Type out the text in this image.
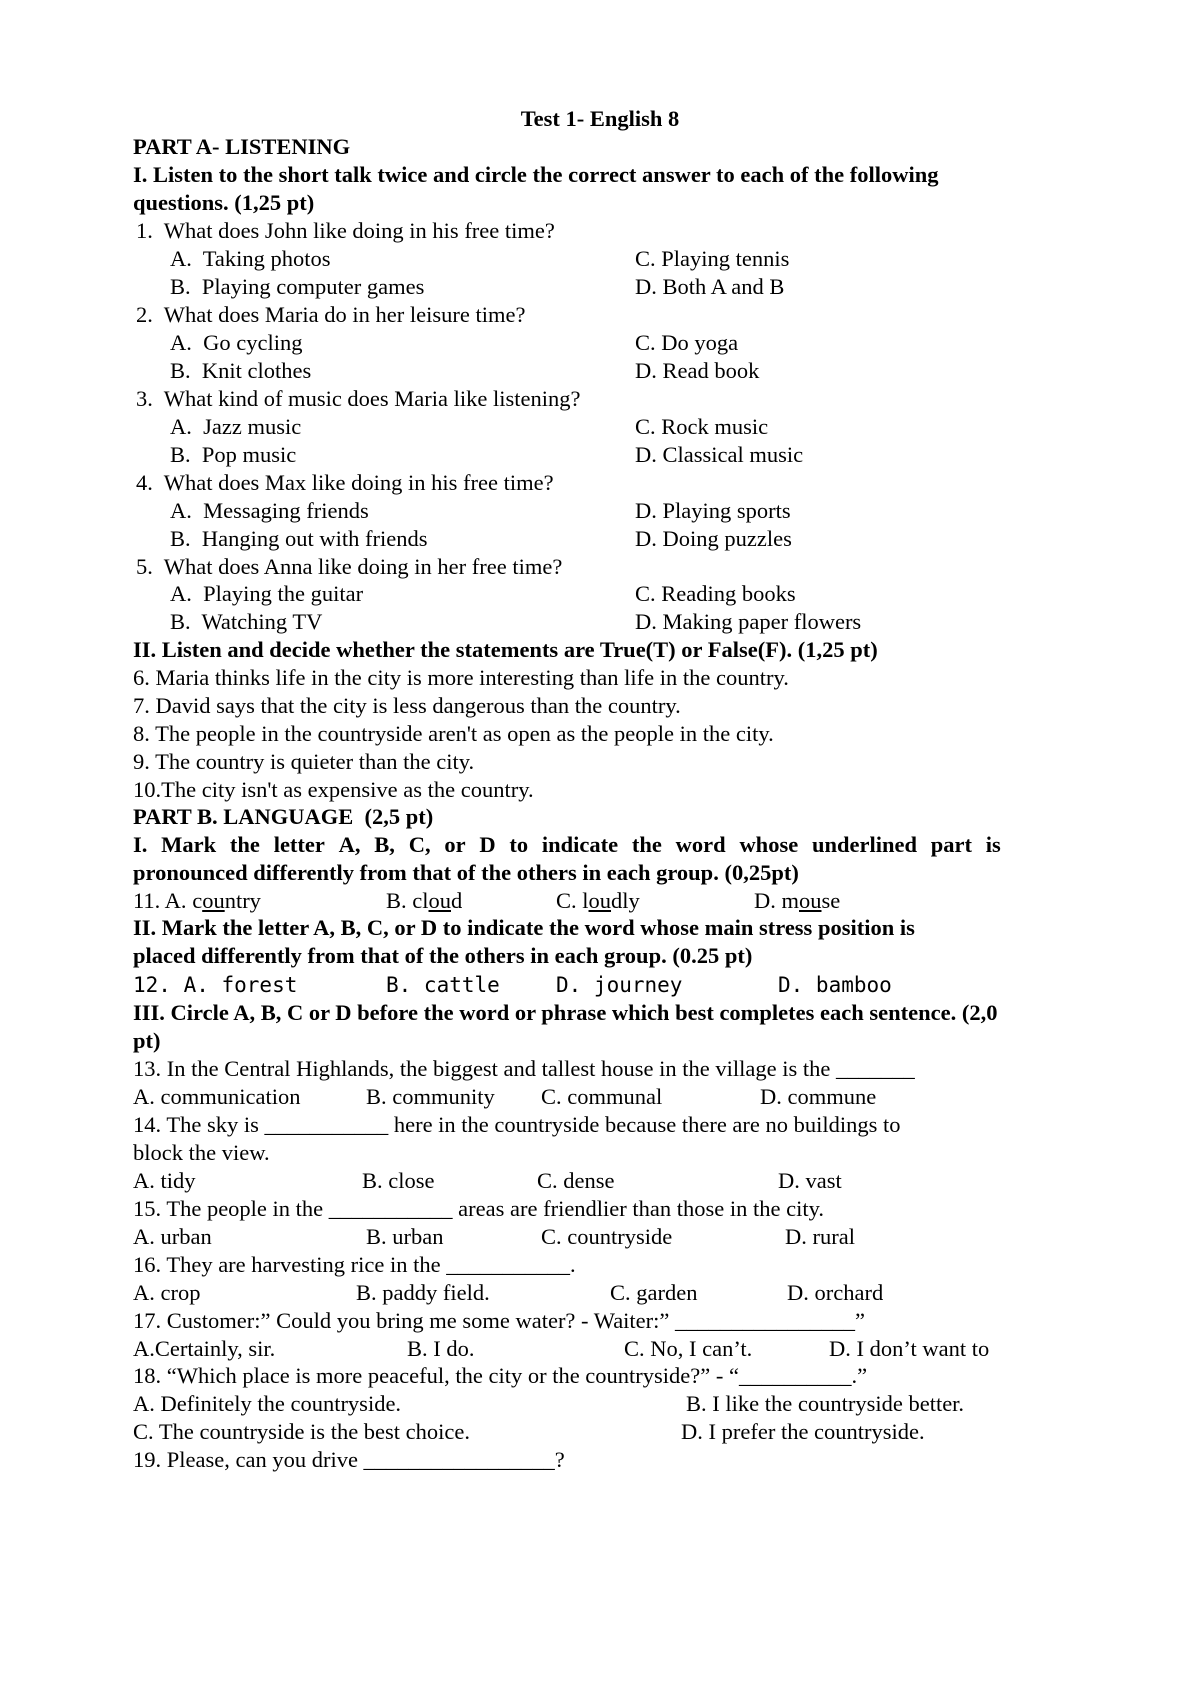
Test 1- English 8
PART A- LISTENING
I. Listen to the short talk twice and circle the correct answer to each of the following
questions. (1,25 pt)
1.  What does John like doing in his free time?
A.  Taking photos	C. Playing tennis
B.  Playing computer games	D. Both A and B
2.  What does Maria do in her leisure time?
A.  Go cycling	C. Do yoga
B.  Knit clothes	D. Read book
3.  What kind of music does Maria like listening?
A.  Jazz music	C. Rock music
B.  Pop music	D. Classical music
4.  What does Max like doing in his free time?
A.  Messaging friends	D. Playing sports
B.  Hanging out with friends	D. Doing puzzles
5.  What does Anna like doing in her free time?
A.  Playing the guitar	C. Reading books
B.  Watching TV	D. Making paper flowers
II. Listen and decide whether the statements are True(T) or False(F). (1,25 pt)
6. Maria thinks life in the city is more interesting than life in the country.
7. David says that the city is less dangerous than the country.
8. The people in the countryside aren't as open as the people in the city.
9. The country is quieter than the city.
10.The city isn't as expensive as the country.
PART B. LANGUAGE  (2,5 pt)

I. Mark the letter A, B, C, or D to indicate the word whose underlined part is

pronounced differently from that of the others in each group. (0,25pt)

11. A. country

	B. cloud

	C. loudly

	D. mouse

II. Mark the letter A, B, C, or D to indicate the word whose main stress position is
placed differently from that of the others in each group. (0.25 pt)

12. A. forest

	B. cattle

	D. journey

	D. bamboo

III. Circle A, B, C or D before the word or phrase which best completes each sentence. (2,0
pt)
13. In the Central Highlands, the biggest and tallest house in the village is the _______

A. communication

	B. community

C. communal

	D. commune

14. The sky is ___________ here in the countryside because there are no buildings to
block the view.

A. tidy

	B. close

	C. dense

	D. vast

15. The people in the ___________ areas are friendlier than those in the city.

A. urban

	B. urban

	C. countryside

	D. rural

16. They are harvesting rice in the ___________.

A. crop

	B. paddy field.

	C. garden

	D. orchard

17. Customer:” Could you bring me some water? - Waiter:” ________________”

A.Certainly, sir.

	B. I do.

	C. No, I can’t.

	D. I don’t want to

18. “Which place is more peaceful, the city or the countryside?” - “__________.”

A. Definitely the countryside.

	B. I like the countryside better.

C. The countryside is the best choice.

	D. I prefer the countryside.

19. Please, can you drive _________________?
